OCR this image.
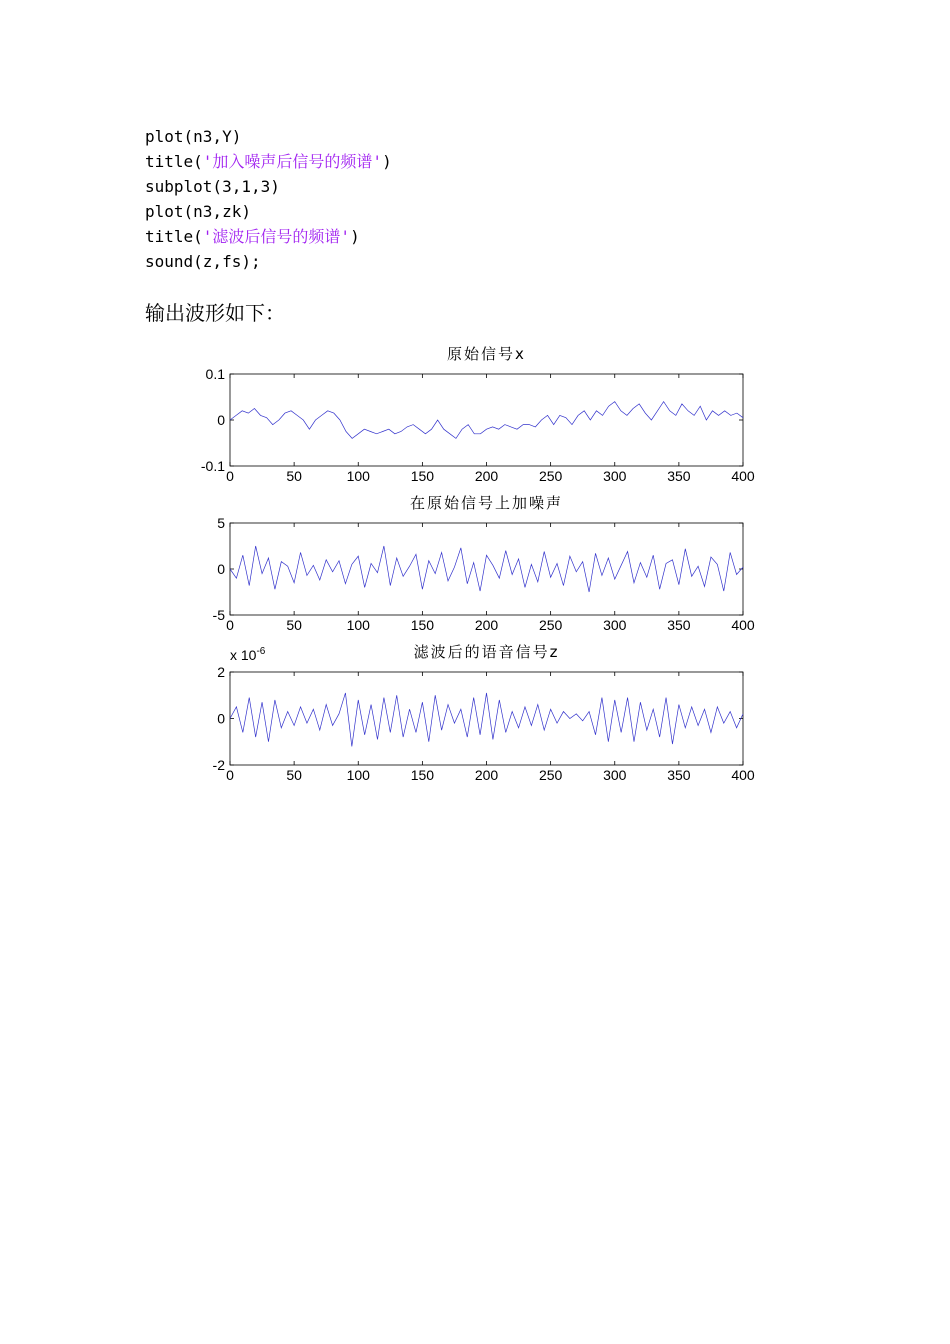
plot(n3,Y)
title('加入噪声后信号的频谱')
subplot(3,1,3)
plot(n3,zk)
title('滤波后信号的频谱')
sound(z,fs);
输出波形如下：
原始信号x
0	50	100	150	200	250	300	350	400
0.1
0
-0.1
在原始信号上加噪声
0	50	100	150	200	250	300	350	400
5
0
-5
滤波后的语音信号z
0	50	100	150	200	250	300	350	400
2
0
-2
x $10^{-6}$
